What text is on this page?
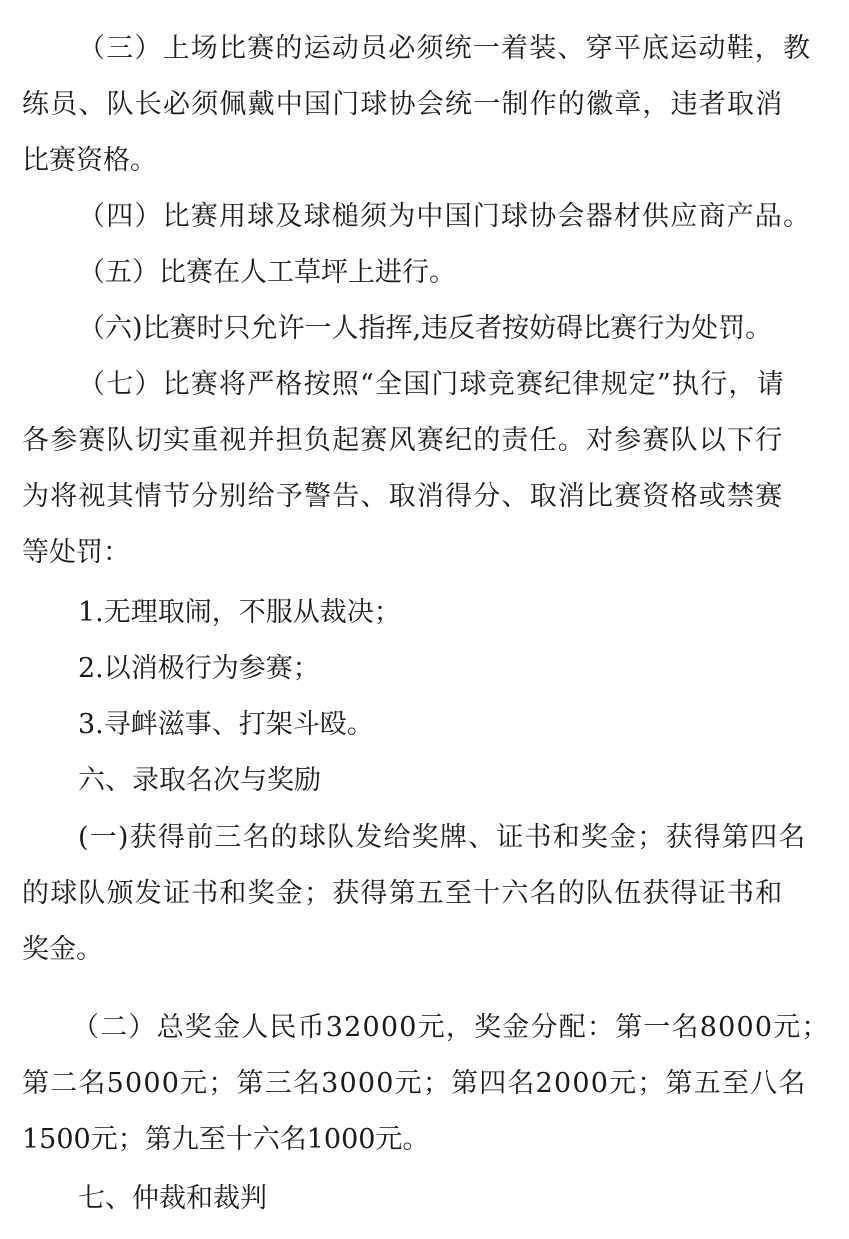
（三）上场比赛的运动员必须统一着装、穿平底运动鞋，教
练员、队长必须佩戴中国门球协会统一制作的徽章，违者取消
比赛资格。
（四）比赛用球及球槌须为中国门球协会器材供应商产品。
（五）比赛在人工草坪上进行。
（六)比赛时只允许一人指挥,违反者按妨碍比赛行为处罚。
（七）比赛将严格按照“全国门球竞赛纪律规定”执行，请
各参赛队切实重视并担负起赛风赛纪的责任。对参赛队以下行
为将视其情节分别给予警告、取消得分、取消比赛资格或禁赛
等处罚：
1.无理取闹，不服从裁决；
2.以消极行为参赛；
3.寻衅滋事、打架斗殴。
六、录取名次与奖励
(一)获得前三名的球队发给奖牌、证书和奖金；获得第四名
的球队颁发证书和奖金；获得第五至十六名的队伍获得证书和
奖金。
（二）总奖金人民币32000元，奖金分配：第一名8000元；
第二名5000元；第三名3000元；第四名2000元；第五至八名
1500元；第九至十六名1000元。
七、仲裁和裁判
